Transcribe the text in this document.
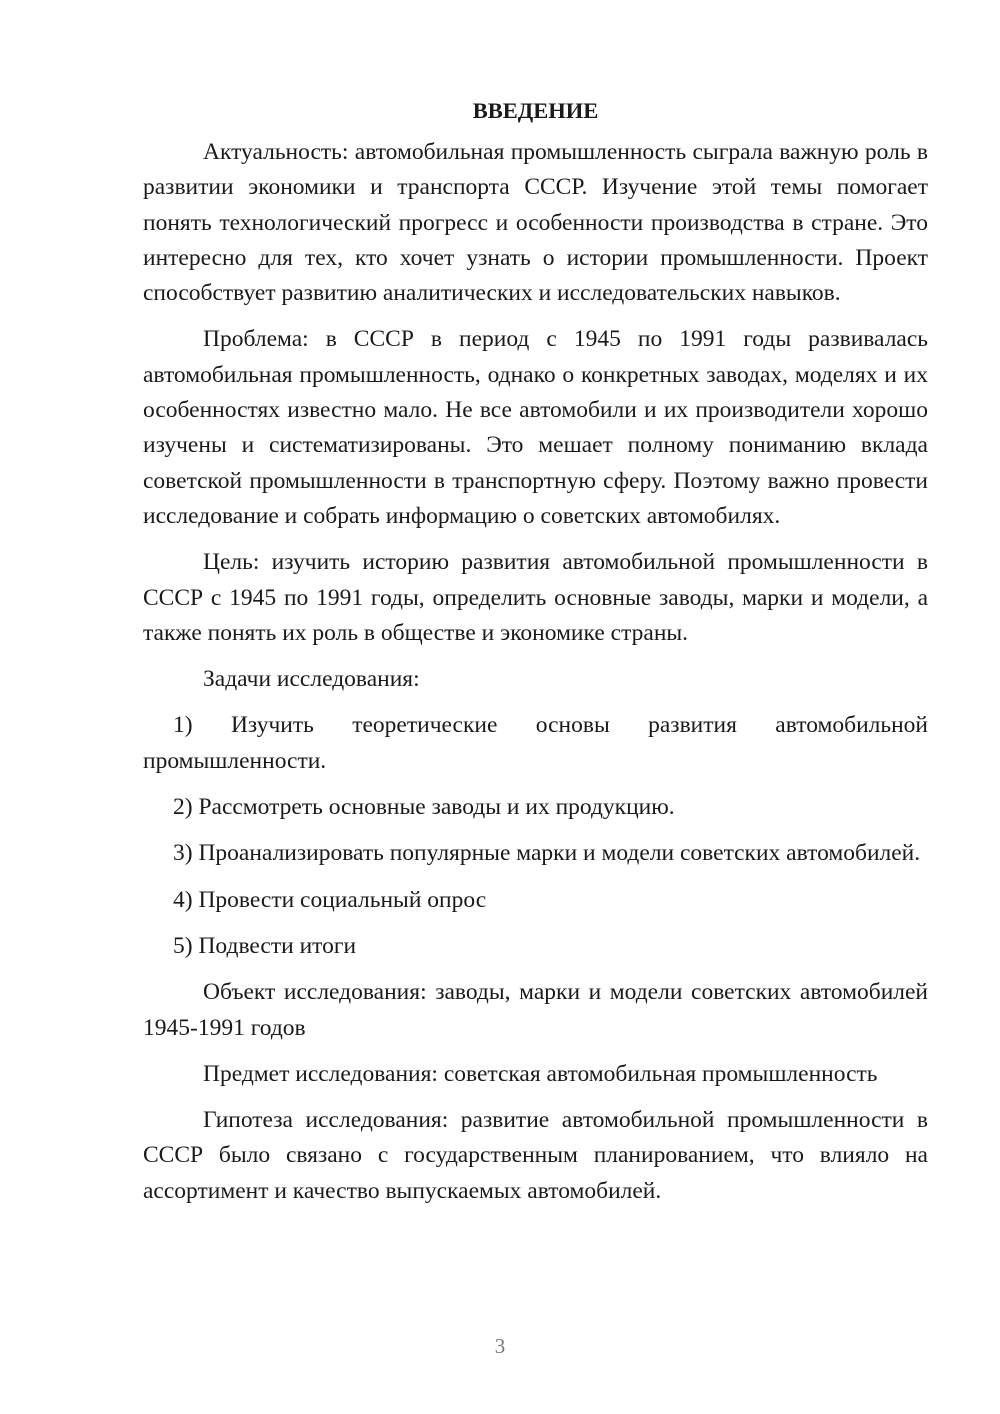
ВВЕДЕНИЕ

Актуальность: автомобильная промышленность сыграла важную роль в развитии экономики и транспорта СССР. Изучение этой темы помогает понять технологический прогресс и особенности производства в стране. Это интересно для тех, кто хочет узнать о истории промышленности. Проект способствует развитию аналитических и исследовательских навыков.

Проблема: в СССР в период с 1945 по 1991 годы развивалась автомобильная промышленность, однако о конкретных заводах, моделях и их особенностях известно мало. Не все автомобили и их производители хорошо изучены и систематизированы. Это мешает полному пониманию вклада советской промышленности в транспортную сферу. Поэтому важно провести исследование и собрать информацию о советских автомобилях.

Цель: изучить историю развития автомобильной промышленности в СССР с 1945 по 1991 годы, определить основные заводы, марки и модели, а также понять их роль в обществе и экономике страны.

Задачи исследования:

1) Изучить теоретические основы развития автомобильной промышленности.

2) Рассмотреть основные заводы и их продукцию.

3) Проанализировать популярные марки и модели советских автомобилей.

4) Провести социальный опрос

5) Подвести итоги

Объект исследования: заводы, марки и модели советских автомобилей 1945-1991 годов

Предмет исследования: советская автомобильная промышленность

Гипотеза исследования: развитие автомобильной промышленности в СССР было связано с государственным планированием, что влияло на ассортимент и качество выпускаемых автомобилей.

3
